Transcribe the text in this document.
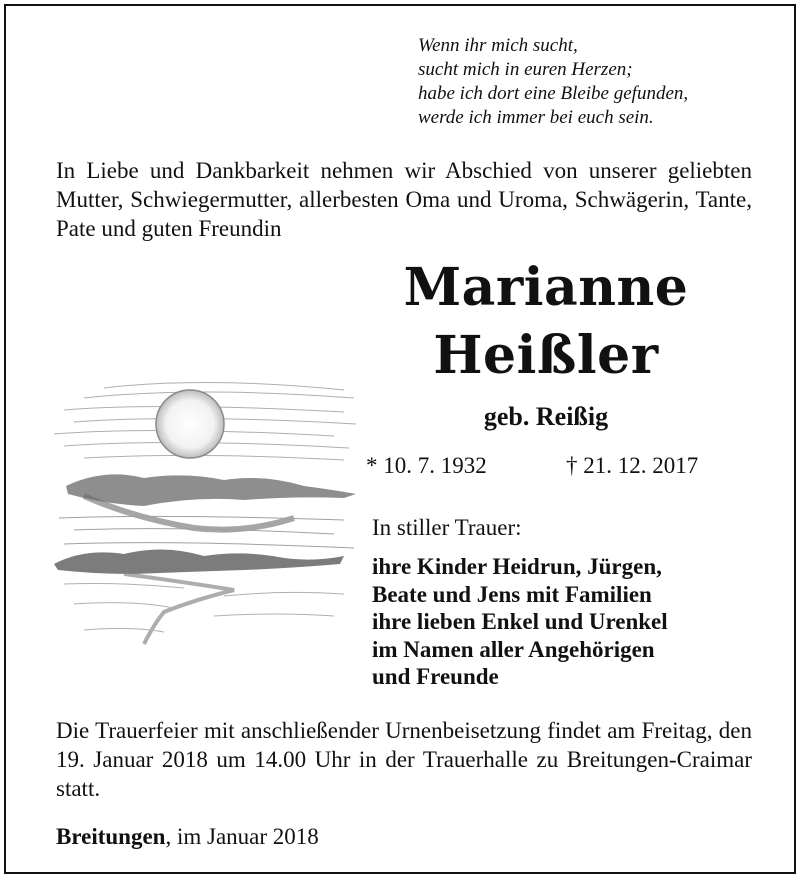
Wenn ihr mich sucht,
sucht mich in euren Herzen;
habe ich dort eine Bleibe gefunden,
werde ich immer bei euch sein.
In Liebe und Dankbarkeit nehmen wir Abschied von unserer geliebten Mutter, Schwiegermutter, allerbesten Oma und Uroma, Schwägerin, Tante, Pate und guten Freundin
Marianne
Heißler
geb. Reißig
* 10. 7. 1932	† 21. 12. 2017
In stiller Trauer:
ihre Kinder Heidrun, Jürgen,
Beate und Jens mit Familien
ihre lieben Enkel und Urenkel
im Namen aller Angehörigen
und Freunde
Die Trauerfeier mit anschließender Urnenbeisetzung findet am Freitag, den 19. Januar 2018 um 14.00 Uhr in der Trauerhalle zu Breitungen-Craimar statt.
Breitungen, im Januar 2018
